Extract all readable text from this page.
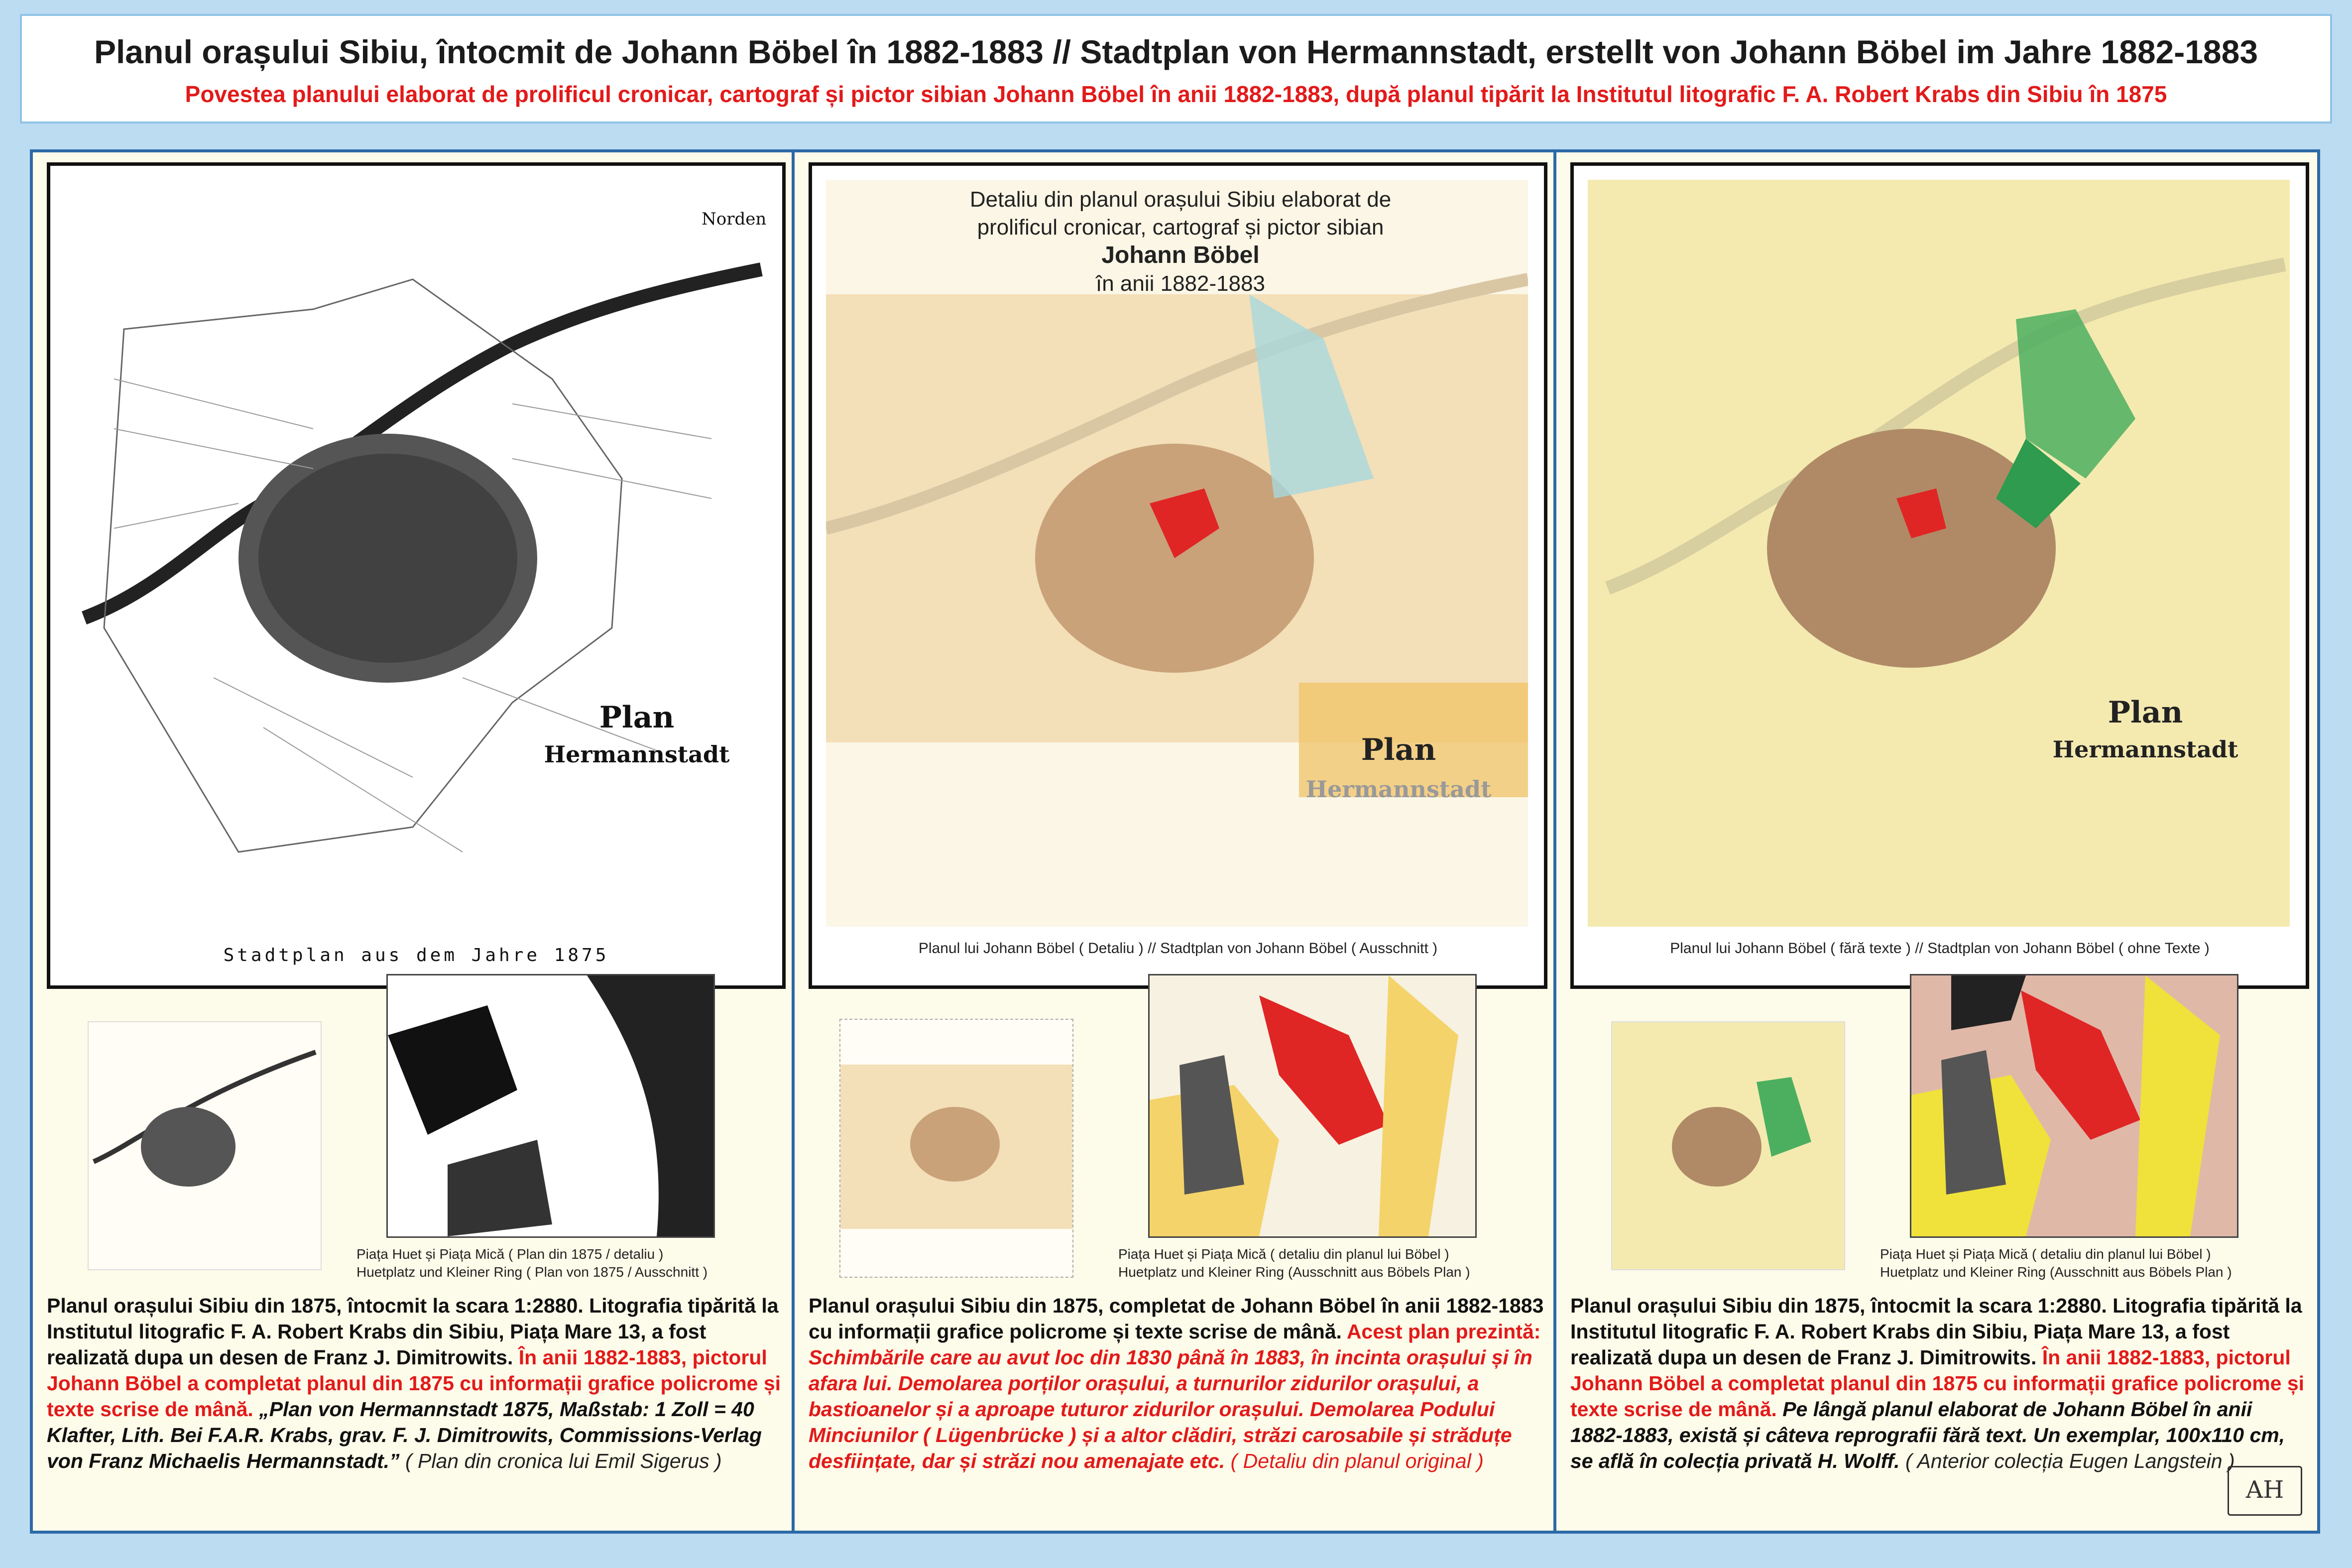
Planul orașului Sibiu, întocmit de Johann Böbel în 1882-1883 // Stadtplan von Hermannstadt, erstellt von Johann Böbel im Jahre 1882-1883
Povestea planului elaborat de prolificul cronicar, cartograf și pictor sibian Johann Böbel în anii 1882-1883, după planul tipărit la Institutul litografic F. A. Robert Krabs din Sibiu în 1875
Norden
Plan
Hermannstadt
Stadtplan aus dem Jahre 1875
Piața Huet și Piața Mică ( Plan din 1875 / detaliu )
Huetplatz und Kleiner Ring ( Plan von 1875 / Ausschnitt )
Planul orașului Sibiu din 1875, întocmit la scara 1:2880. Litografia tipărită la Institutul litografic F. A. Robert Krabs din Sibiu, Piața Mare 13, a fost realizată dupa un desen de Franz J. Dimitrowits. În anii 1882-1883, pictorul Johann Böbel a completat planul din 1875 cu informații grafice policrome și texte scrise de mână. „Plan von Hermannstadt 1875, Maßstab: 1 Zoll = 40 Klafter, Lith. Bei F.A.R. Krabs, grav. F. J. Dimitrowits, Commissions-Verlag von Franz Michaelis Hermannstadt.” ( Plan din cronica lui Emil Sigerus )
Plan
Hermannstadt
Detaliu din planul orașului Sibiu elaborat de
prolificul cronicar, cartograf și pictor sibian
Johann Böbel
în anii 1882-1883
Planul lui Johann Böbel ( Detaliu ) // Stadtplan von Johann Böbel ( Ausschnitt )
Piața Huet și Piața Mică ( detaliu din planul lui Böbel )
Huetplatz und Kleiner Ring (Ausschnitt aus Böbels Plan )
Planul orașului Sibiu din 1875, completat de Johann Böbel în anii 1882-1883 cu informații grafice policrome și texte scrise de mână. Acest plan prezintă: Schimbările care au avut loc din 1830 până în 1883, în incinta orașului și în afara lui. Demolarea porților orașului, a turnurilor zidurilor orașului, a bastioanelor și a aproape tuturor zidurilor orașului. Demolarea Podului Minciunilor ( Lügenbrücke ) și a altor clădiri, străzi carosabile și străduțe desființate, dar și străzi nou amenajate etc. ( Detaliu din planul original )
Plan
Hermannstadt
Planul lui Johann Böbel ( fără texte ) // Stadtplan von Johann Böbel ( ohne Texte )
Piața Huet și Piața Mică ( detaliu din planul lui Böbel )
Huetplatz und Kleiner Ring (Ausschnitt aus Böbels Plan )
Planul orașului Sibiu din 1875, întocmit la scara 1:2880. Litografia tipărită la Institutul litografic F. A. Robert Krabs din Sibiu, Piața Mare 13, a fost realizată dupa un desen de Franz J. Dimitrowits. În anii 1882-1883, pictorul Johann Böbel a completat planul din 1875 cu informații grafice policrome și texte scrise de mână. Pe lângă planul elaborat de Johann Böbel în anii 1882-1883, există și câteva reprografii fără text. Un exemplar, 100x110 cm, se află în colecția privată H. Wolff. ( Anterior colecția Eugen Langstein )
AH
